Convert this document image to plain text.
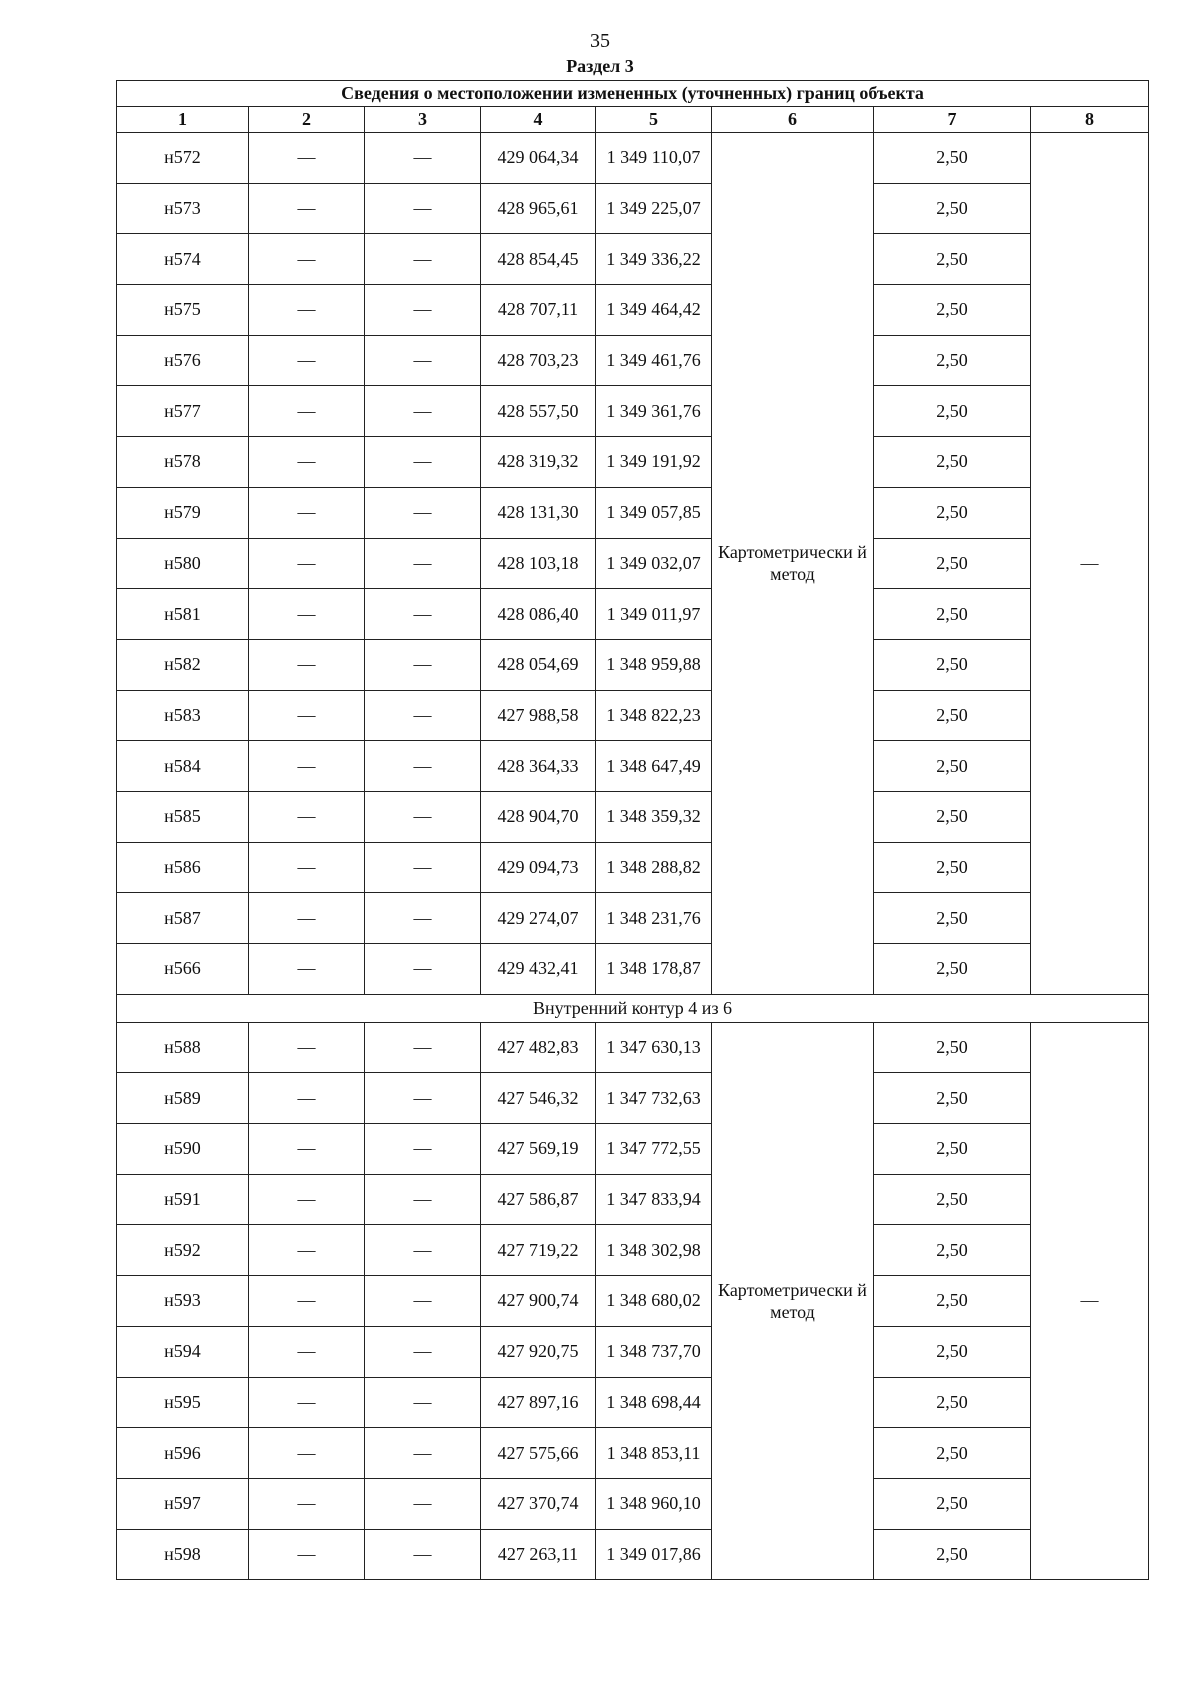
35
Раздел 3
Сведения о местоположении измененных (уточненных) границ объекта							
1	2	3	4	5	6	7	8
н572	—	—	429 064,34	1 349 110,07	Картометрически й метод	2,50	—
н573	—	—	428 965,61	1 349 225,07		2,50	
н574	—	—	428 854,45	1 349 336,22		2,50	
н575	—	—	428 707,11	1 349 464,42		2,50	
н576	—	—	428 703,23	1 349 461,76		2,50	
н577	—	—	428 557,50	1 349 361,76		2,50	
н578	—	—	428 319,32	1 349 191,92		2,50	
н579	—	—	428 131,30	1 349 057,85		2,50	
н580	—	—	428 103,18	1 349 032,07		2,50	
н581	—	—	428 086,40	1 349 011,97		2,50	
н582	—	—	428 054,69	1 348 959,88		2,50	
н583	—	—	427 988,58	1 348 822,23		2,50	
н584	—	—	428 364,33	1 348 647,49		2,50	
н585	—	—	428 904,70	1 348 359,32		2,50	
н586	—	—	429 094,73	1 348 288,82		2,50	
н587	—	—	429 274,07	1 348 231,76		2,50	
н566	—	—	429 432,41	1 348 178,87		2,50	
Внутренний контур 4 из 6							
н588	—	—	427 482,83	1 347 630,13	Картометрически й метод	2,50	—
н589	—	—	427 546,32	1 347 732,63		2,50	
н590	—	—	427 569,19	1 347 772,55		2,50	
н591	—	—	427 586,87	1 347 833,94		2,50	
н592	—	—	427 719,22	1 348 302,98		2,50	
н593	—	—	427 900,74	1 348 680,02		2,50	
н594	—	—	427 920,75	1 348 737,70		2,50	
н595	—	—	427 897,16	1 348 698,44		2,50	
н596	—	—	427 575,66	1 348 853,11		2,50	
н597	—	—	427 370,74	1 348 960,10		2,50	
н598	—	—	427 263,11	1 349 017,86		2,50	
